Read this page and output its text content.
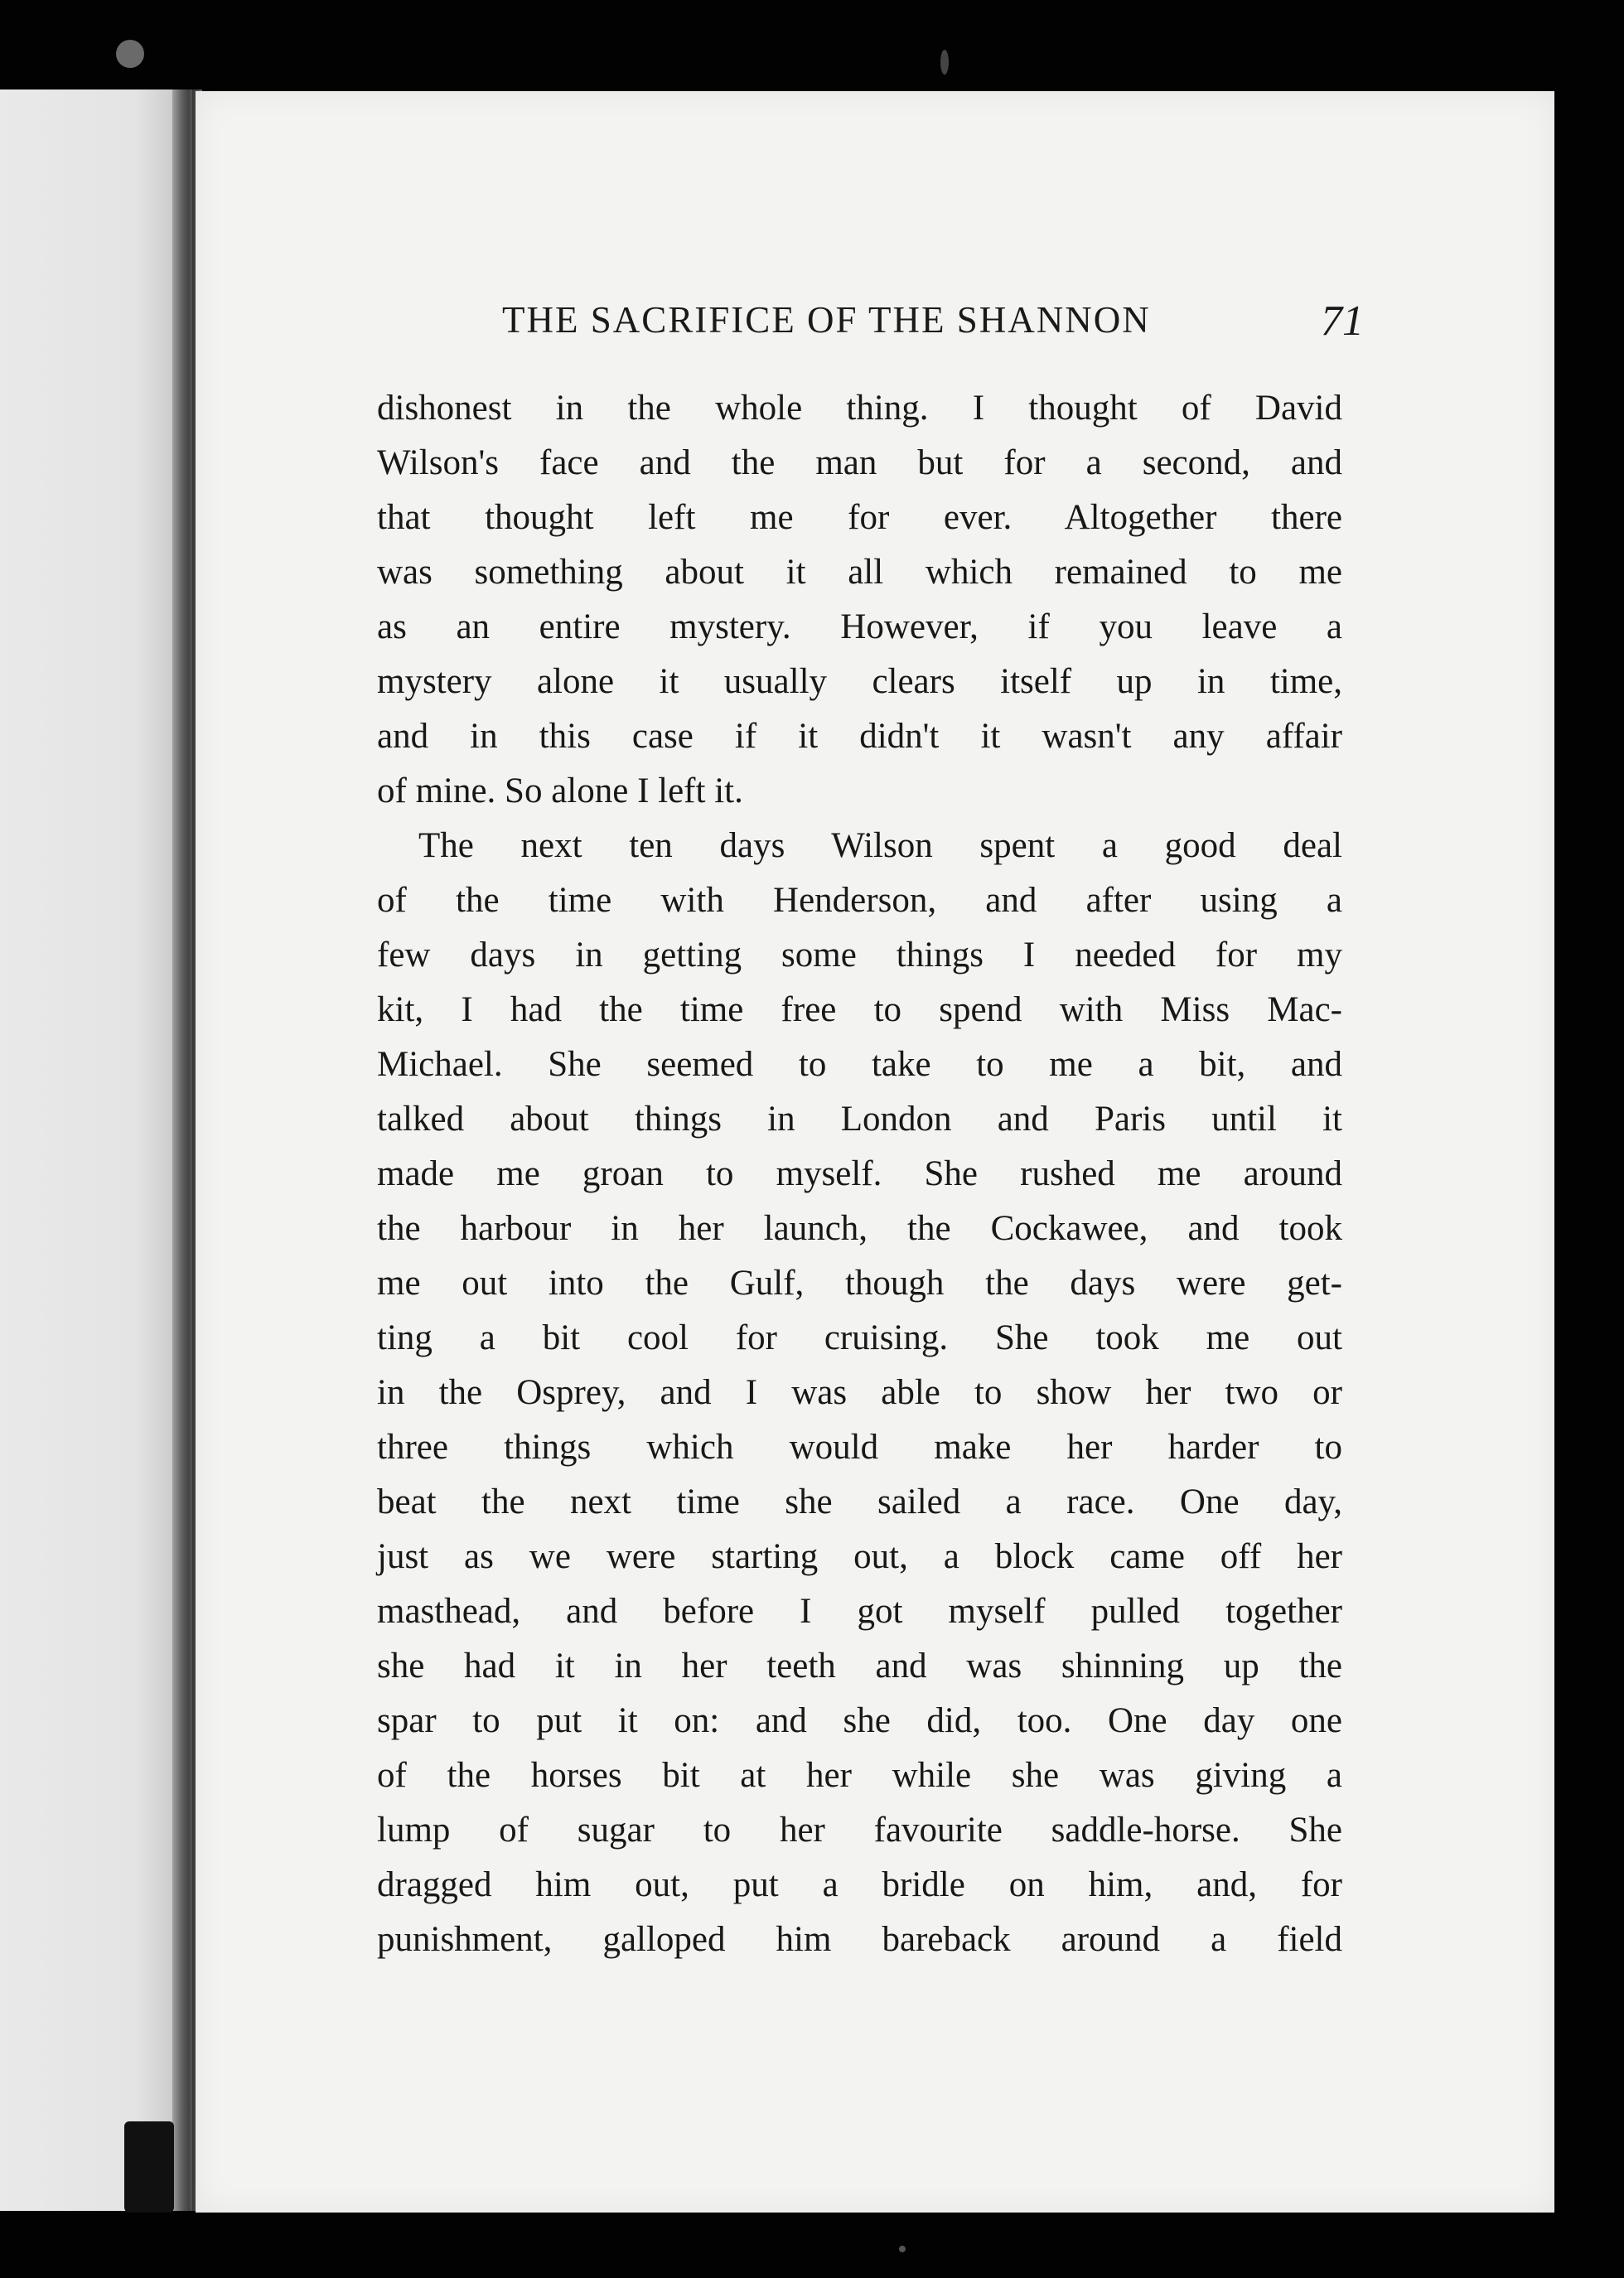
THE SACRIFICE OF THE SHANNON	71
dishonest in the whole thing. I thought of David
Wilson's face and the man but for a second, and
that thought left me for ever. Altogether there
was something about it all which remained to me
as an entire mystery. However, if you leave a
mystery alone it usually clears itself up in time,
and in this case if it didn't it wasn't any affair
of mine. So alone I left it.
The next ten days Wilson spent a good deal
of the time with Henderson, and after using a
few days in getting some things I needed for my
kit, I had the time free to spend with Miss Mac-
Michael. She seemed to take to me a bit, and
talked about things in London and Paris until it
made me groan to myself. She rushed me around
the harbour in her launch, the Cockawee, and took
me out into the Gulf, though the days were get-
ting a bit cool for cruising. She took me out
in the Osprey, and I was able to show her two or
three things which would make her harder to
beat the next time she sailed a race. One day,
just as we were starting out, a block came off her
masthead, and before I got myself pulled together
she had it in her teeth and was shinning up the
spar to put it on: and she did, too. One day one
of the horses bit at her while she was giving a
lump of sugar to her favourite saddle-horse. She
dragged him out, put a bridle on him, and, for
punishment, galloped him bareback around a field
